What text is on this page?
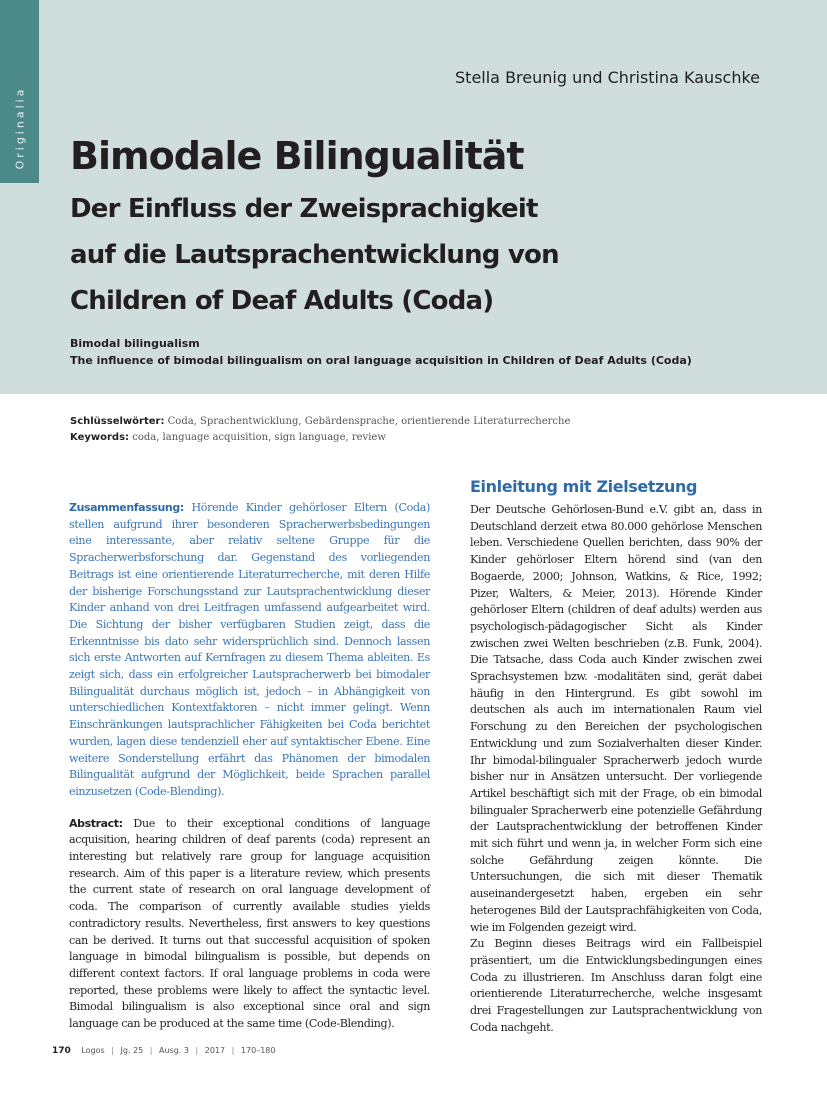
Originalia
Stella Breunig und Christina Kauschke
Bimodale Bilingualität
Der Einfluss der Zweisprachigkeit
auf die Lautsprachentwicklung von
Children of Deaf Adults (Coda)
Bimodal bilingualism
The influence of bimodal bilingualism on oral language acquisition in Children of Deaf Adults (Coda)
Schlüsselwörter: Coda, Sprachentwicklung, Gebärdensprache, orientierende Literaturrecherche
Keywords: coda, language acquisition, sign language, review

Zusammenfassung: Hörende Kinder gehörloser Eltern (Coda) stellen aufgrund ihrer besonderen Spracherwerbsbedingungen eine interessante, aber relativ seltene Gruppe für die Spracherwerbsforschung dar. Gegenstand des vorliegenden Beitrags ist eine orientierende Literaturrecherche, mit deren Hilfe der bisherige Forschungsstand zur Lautsprachentwicklung dieser Kinder anhand von drei Leitfragen umfassend aufgearbeitet wird. Die Sichtung der bisher verfügbaren Studien zeigt, dass die Erkenntnisse bis dato sehr widersprüchlich sind. Dennoch lassen sich erste Antworten auf Kernfragen zu diesem Thema ableiten. Es zeigt sich, dass ein erfolgreicher Lautspracherwerb bei bimodaler Bilingualität durchaus möglich ist, jedoch – in Abhängigkeit von unterschiedlichen Kontextfaktoren – nicht immer gelingt. Wenn Einschränkungen lautsprachlicher Fähigkeiten bei Coda berichtet wurden, lagen diese tendenziell eher auf syntaktischer Ebene. Eine weitere Sonderstellung erfährt das Phänomen der bimodalen Bilingualität aufgrund der Möglichkeit, beide Sprachen parallel einzusetzen (Code-Blending).

Abstract: Due to their exceptional conditions of language acquisition, hearing children of deaf parents (coda) represent an interesting but relatively rare group for language acquisition research. Aim of this paper is a literature review, which presents the current state of research on oral language development of coda. The comparison of currently available studies yields contradictory results. Nevertheless, first answers to key questions can be derived. It turns out that successful acquisition of spoken language in bimodal bilingualism is possible, but depends on different context factors. If oral language problems in coda were reported, these problems were likely to affect the syntactic level. Bimodal bilingualism is also exceptional since oral and sign language can be produced at the same time (Code-Blending).

Einleitung mit Zielsetzung

Der Deutsche Gehörlosen-Bund e.V. gibt an, dass in Deutschland derzeit etwa 80.000 gehörlose Menschen leben. Verschiedene Quellen berichten, dass 90% der Kinder gehörloser Eltern hörend sind (van den Bogaerde, 2000; Johnson, Watkins, & Rice, 1992; Pizer, Walters, & Meier, 2013). Hörende Kinder gehörloser Eltern (children of deaf adults) werden aus psychologisch-pädagogischer Sicht als Kinder zwischen zwei Welten beschrieben (z.B. Funk, 2004). Die Tatsache, dass Coda auch Kinder zwischen zwei Sprachsystemen bzw. -modalitäten sind, gerät dabei häufig in den Hintergrund. Es gibt sowohl im deutschen als auch im internationalen Raum viel Forschung zu den Bereichen der psychologischen Entwicklung und zum Sozialverhalten dieser Kinder. Ihr bimodal-bilingualer Spracherwerb jedoch wurde bisher nur in Ansätzen untersucht. Der vorliegende Artikel beschäftigt sich mit der Frage, ob ein bimodal bilingualer Spracherwerb eine potenzielle Gefährdung der Lautsprachentwicklung der betroffenen Kinder mit sich führt und wenn ja, in welcher Form sich eine solche Gefährdung zeigen könnte. Die Untersuchungen, die sich mit dieser Thematik auseinandergesetzt haben, ergeben ein sehr heterogenes Bild der Lautsprachfähigkeiten von Coda, wie im Folgenden gezeigt wird.

Zu Beginn dieses Beitrags wird ein Fallbeispiel präsentiert, um die Entwicklungsbedingungen eines Coda zu illustrieren. Im Anschluss daran folgt eine orientierende Literaturrecherche, welche insgesamt drei Fragestellungen zur Lautsprachentwicklung von Coda nachgeht.

170 Logos | Jg. 25 | Ausg. 3 | 2017 | 170–180
